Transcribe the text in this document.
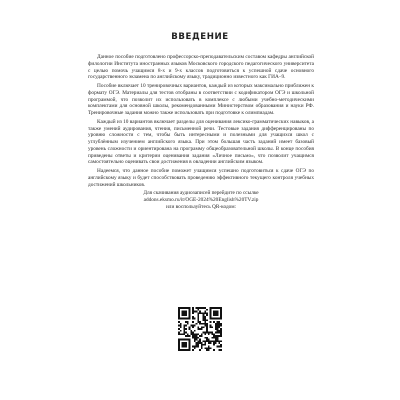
ВВЕДЕНИЕ

Данное пособие подготовлено профессорско-преподавательским составом кафедры английской филологии Института иностранных языков Московского городского педагогического университета с целью помочь учащимся 8-х и 9-х классов подготовиться к успешной сдаче основного государственного экзамена по английскому языку, традиционно известного как ГИА–9.

Пособие включает 10 тренировочных вариантов, каждый из которых максимально приближен к формату ОГЭ. Материалы для тестов отобраны в соответствии с кодификатором ОГЭ и школьной программой, что позволит их использовать в комплексе с любыми учебно-методическими комплектами для основной школы, рекомендованными Министерством образования и науки РФ. Тренировочные задания можно также использовать при подготовке к олимпиадам.

Каждый из 10 вариантов включает разделы для оценивания лексико-грамматических навыков, а также умений аудирования, чтения, письменной речи. Тестовые задания дифференцированы по уровню сложности с тем, чтобы быть интересными и полезными для учащихся школ с углублённым изучением английского языка. При этом большая часть заданий имеет базовый уровень сложности и ориентирована на программу общеобразовательной школы. В конце пособия приведены ответы и критерии оценивания задания «Личное письмо», что позволит учащимся самостоятельно оценивать свои достижения в овладении английским языком.

Надеемся, что данное пособие поможет учащимся успешно подготовиться к сдаче ОГЭ по английскому языку и будет способствовать проведению эффективного текущего контроля учебных достижений школьников.

Для скачивания аудиозаписей перейдите по ссылке

addons.eksmo.ru/it/OGE-2024%20English%20TV.zip

или воспользуйтесь QR-кодом:
